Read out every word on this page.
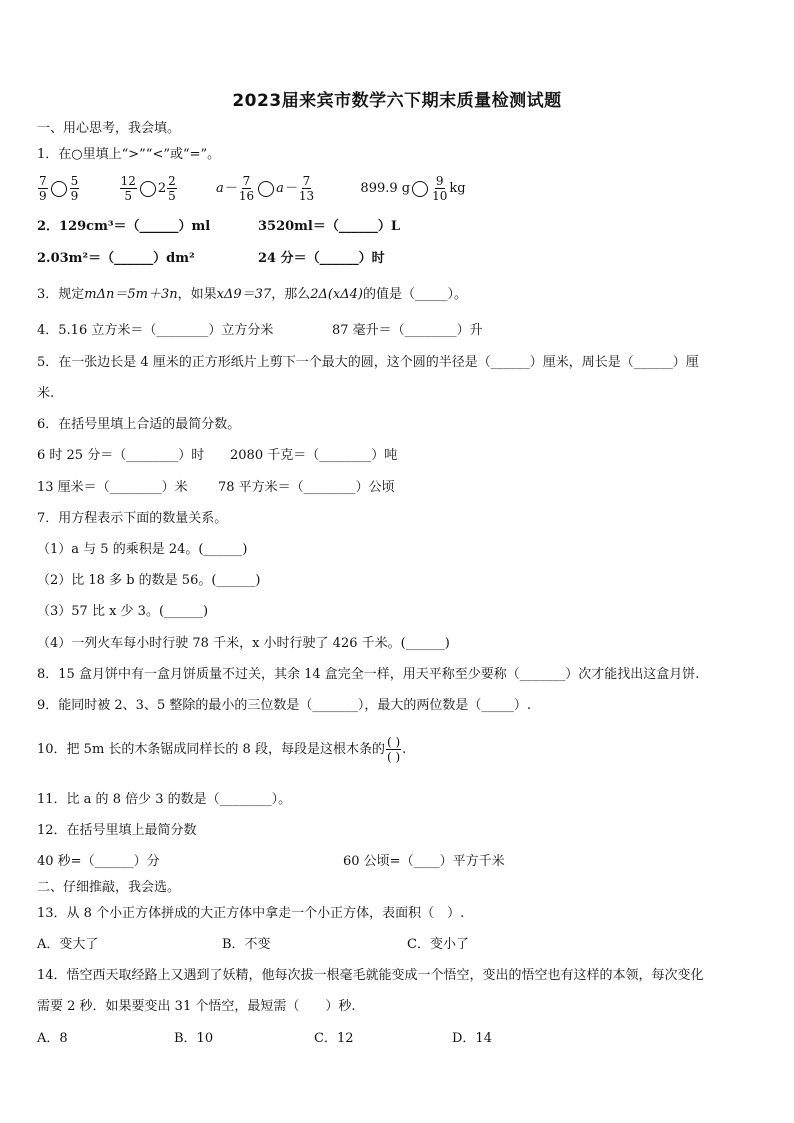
2023届来宾市数学六下期末质量检测试题
一、用心思考，我会填。
1．在○里填上“>”“<”或“=”。
$\frac{7}{9} \frac{5}{9}$
	$\frac{12}{5} 2 \frac{2}{5}$	$a- \frac{7}{16} a- \frac{7}{13}$	899.9 g $\frac{9}{10}$ kg
2．129cm³＝（______）ml	3520ml＝（______）L
2.03m²＝（______）dm²	24 分＝（______）时
3．规定mΔn＝5m＋3n，如果xΔ9＝37，那么2Δ(xΔ4)的值是（_____）。
4．5.16 立方米＝（________）立方分米	87 毫升＝（________）升
5．在一张边长是 4 厘米的正方形纸片上剪下一个最大的圆，这个圆的半径是（______）厘米，周长是（______）厘
米.
6．在括号里填上合适的最简分数。
6 时 25 分＝（________）时 2080 千克＝（________）吨
13 厘米＝（________）米 78 平方米＝（________）公顷
7．用方程表示下面的数量关系。
（1）a 与 5 的乘积是 24。(______)
（2）比 18 多 b 的数是 56。(______)
（3）57 比 x 少 3。(______)
（4）一列火车每小时行驶 78 千米，x 小时行驶了 426 千米。(______)
8．15 盒月饼中有一盒月饼质量不过关，其余 14 盒完全一样，用天平称至少要称（_______）次才能找出这盒月饼.
9．能同时被 2、3、5 整除的最小的三位数是（_______），最大的两位数是（_____）.
10．把 5m 长的木条锯成同样长的 8 段，每段是这根木条的 $\frac{( )}{( )}$ .
11．比 a 的 8 倍少 3 的数是（________）。
12．在括号里填上最简分数
40 秒=（______）分	60 公顷=（____）平方千米
二、仔细推敲，我会选。
13．从 8 个小正方体拼成的大正方体中拿走一个小正方体，表面积（　）.
A．变大了	B．不变	C．变小了
14．悟空西天取经路上又遇到了妖精，他每次拔一根毫毛就能变成一个悟空，变出的悟空也有这样的本领，每次变化
需要 2 秒．如果要变出 31 个悟空，最短需（　　）秒.
A．8	B．10	C．12	D．14
